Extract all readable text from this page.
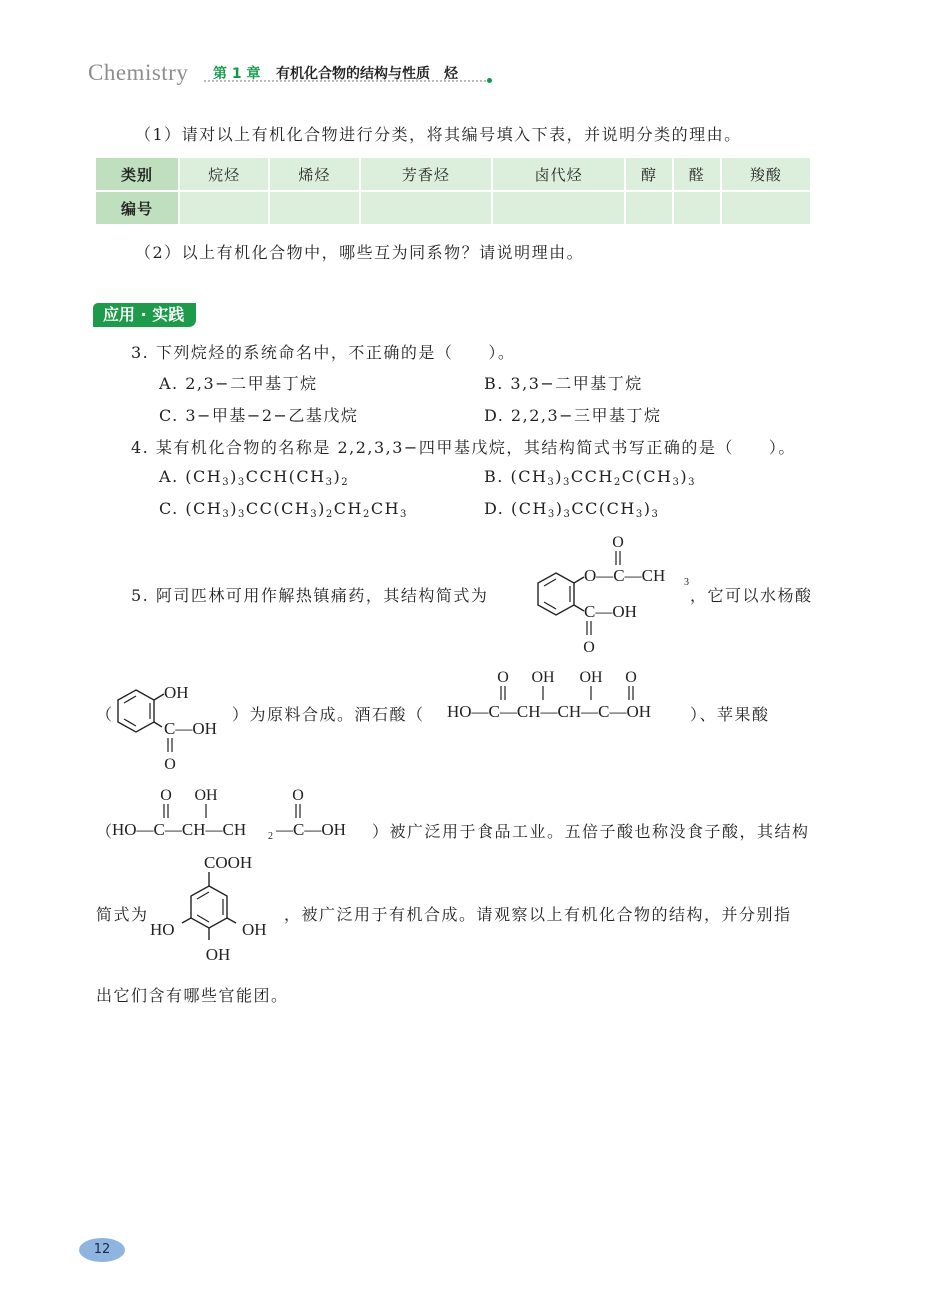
Chemistry 第 1 章 有机化合物的结构与性质　烃
（1）请对以上有机化合物进行分类，将其编号填入下表，并说明分类的理由。
类别	烷烃	烯烃	芳香烃	卤代烃	醇	醛	羧酸
编号							
（2）以上有机化合物中，哪些互为同系物？请说明理由。
应用 · 实践
3. 下列烷烃的系统命名中，不正确的是（　　）。
A. 2,3−二甲基丁烷	B. 3,3−二甲基丁烷
C. 3−甲基−2−乙基戊烷	D. 2,2,3−三甲基丁烷
4. 某有机化合物的名称是 2,2,3,3−四甲基戊烷，其结构简式书写正确的是（　　）。
A. $(CH_3)_3CCH(CH_3)_2$	B. $(CH_3)_3CCH_2C(CH_3)_3$
C. $(CH_3)_3CC(CH_3)_2CH_2CH_3$	D. $(CH_3)_3CC(CH_3)_3$
5. 阿司匹林可用作解热镇痛药，其结构简式为	，它可以水杨酸
O
O—C—CH 3
C—OH
O
（
OH
C—OH
O
）为原料合成。酒石酸（
O OH OH O
HO—C—CH—CH—C—OH ）、苹果酸
（
O OH	O
HO—C—CH—CH 2 —C—OH ）被广泛用于食品工业。五倍子酸也称没食子酸，其结构
简式为
COOH
HO	OH
OH
，被广泛用于有机合成。请观察以上有机化合物的结构，并分别指
出它们含有哪些官能团。
12
